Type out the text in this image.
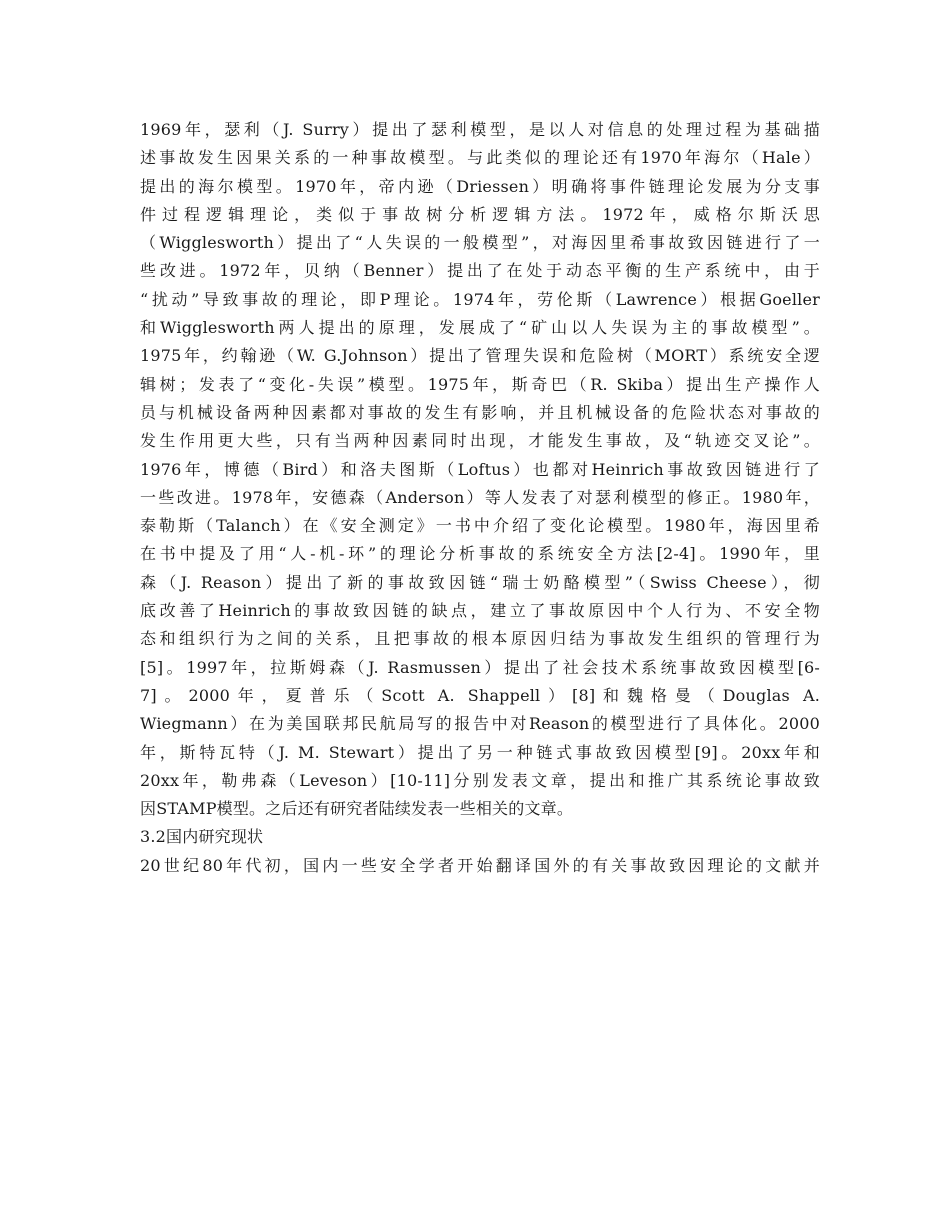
1969年，瑟利（J. Surry）提出了瑟利模型，是以人对信息的处理过程为基础描
述事故发生因果关系的一种事故模型。与此类似的理论还有1970年海尔（Hale）
提出的海尔模型。1970年，帝内逊（Driessen）明确将事件链理论发展为分支事
件过程逻辑理论，类似于事故树分析逻辑方法。1972年，威格尔斯沃思
（Wigglesworth）提出了“人失误的一般模型”，对海因里希事故致因链进行了一
些改进。1972年，贝纳（Benner）提出了在处于动态平衡的生产系统中，由于
“扰动”导致事故的理论，即P理论。1974年，劳伦斯（Lawrence）根据Goeller
和Wigglesworth两人提出的原理，发展成了“矿山以人失误为主的事故模型”。
1975年，约翰逊（W. G.Johnson）提出了管理失误和危险树（MORT）系统安全逻
辑树；发表了“变化-失误”模型。1975年，斯奇巴（R. Skiba）提出生产操作人
员与机械设备两种因素都对事故的发生有影响，并且机械设备的危险状态对事故的
发生作用更大些，只有当两种因素同时出现，才能发生事故，及“轨迹交叉论”。
1976年，博德（Bird）和洛夫图斯（Loftus）也都对Heinrich事故致因链进行了
一些改进。1978年，安德森（Anderson）等人发表了对瑟利模型的修正。1980年，
泰勒斯（Talanch）在《安全测定》一书中介绍了变化论模型。1980年，海因里希
在书中提及了用“人-机-环”的理论分析事故的系统安全方法[2-4]。1990年，里
森（J. Reason）提出了新的事故致因链“瑞士奶酪模型”（Swiss Cheese），彻
底改善了Heinrich的事故致因链的缺点，建立了事故原因中个人行为、不安全物
态和组织行为之间的关系，且把事故的根本原因归结为事故发生组织的管理行为
[5]。1997年，拉斯姆森（J. Rasmussen）提出了社会技术系统事故致因模型[6-
7]。2000年，夏普乐（Scott A. Shappell）[8]和魏格曼（Douglas A.
Wiegmann）在为美国联邦民航局写的报告中对Reason的模型进行了具体化。2000
年，斯特瓦特（J. M. Stewart）提出了另一种链式事故致因模型[9]。20xx年和
20xx年，勒弗森（Leveson）[10-11]分别发表文章，提出和推广其系统论事故致
因STAMP模型。之后还有研究者陆续发表一些相关的文章。
3.2国内研究现状
20世纪80年代初，国内一些安全学者开始翻译国外的有关事故致因理论的文献并
